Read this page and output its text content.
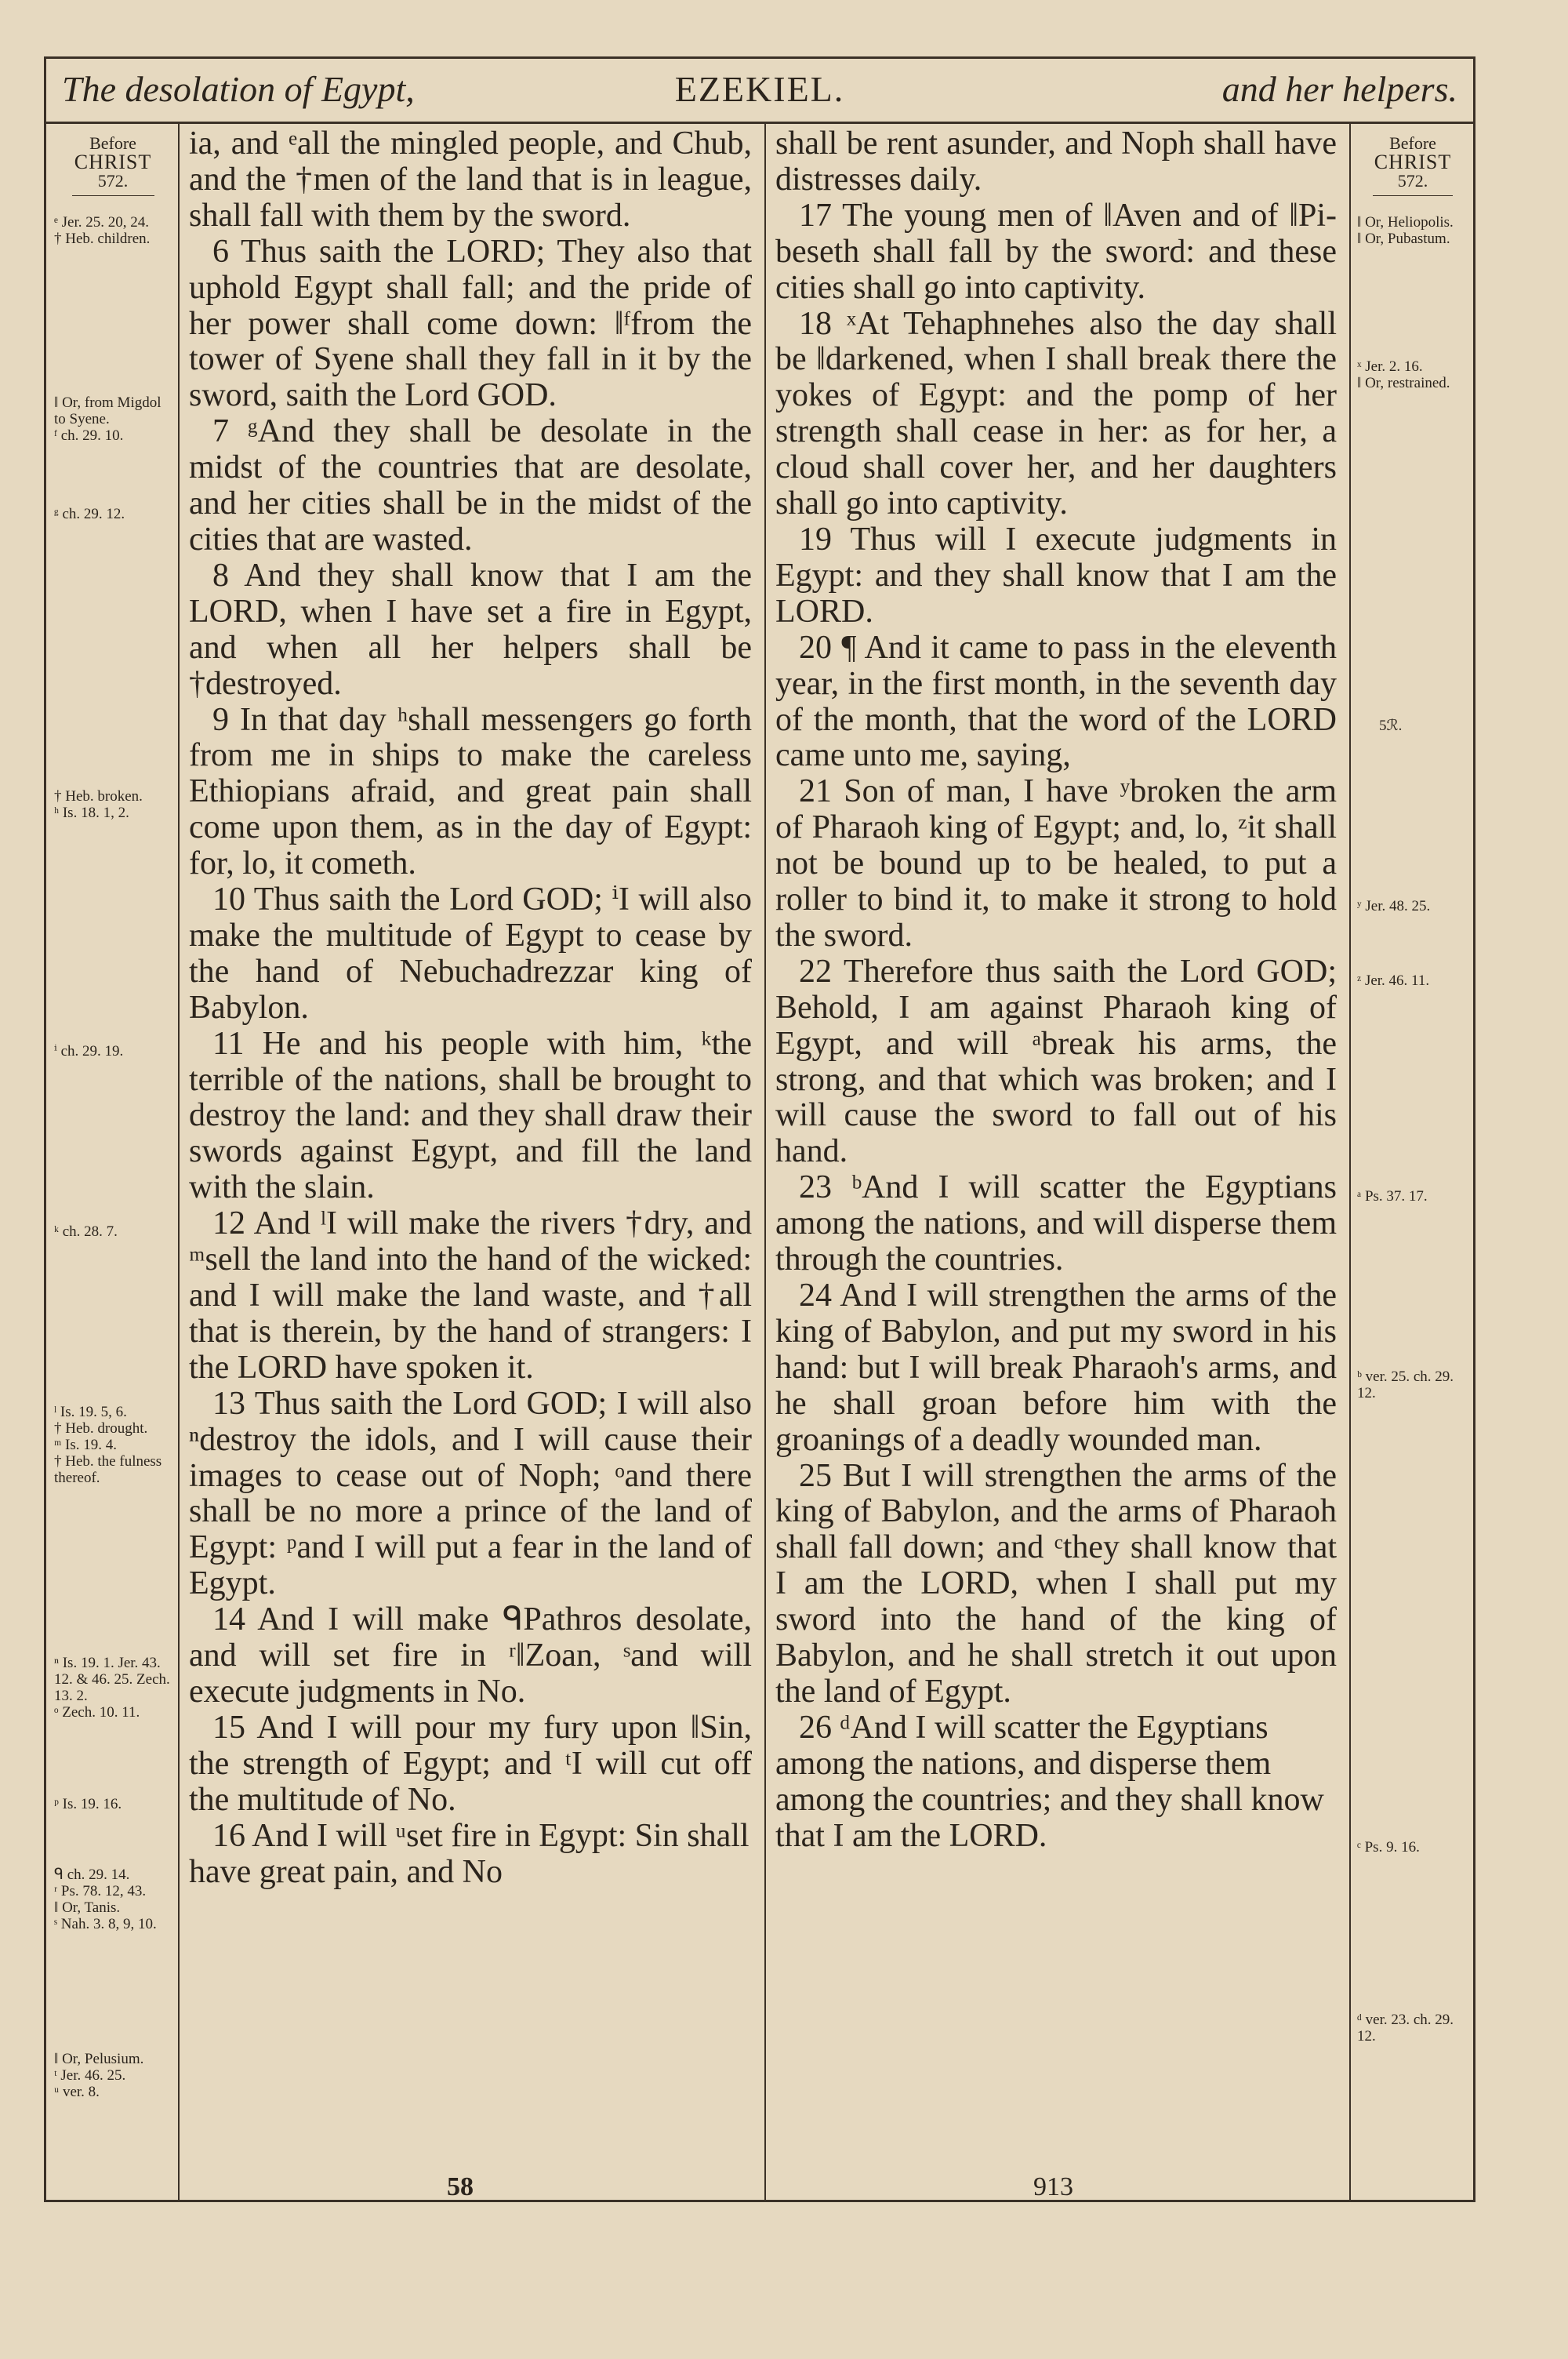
The desolation of Egypt,	EZEKIEL.	and her helpers.
Before
CHRIST
572.
ᵉ Jer. 25. 20, 24.
† Heb. children.
‖ Or, from Migdol to Syene.
ᶠ ch. 29. 10.
ᵍ ch. 29. 12.
† Heb. broken.
ʰ Is. 18. 1, 2.
ⁱ ch. 29. 19.
ᵏ ch. 28. 7.
ˡ Is. 19. 5, 6.
† Heb. drought.
ᵐ Is. 19. 4.
† Heb. the fulness thereof.
ⁿ Is. 19. 1. Jer. 43. 12. & 46. 25. Zech. 13. 2.
ᵒ Zech. 10. 11.
ᵖ Is. 19. 16.
ᑫ ch. 29. 14.
ʳ Ps. 78. 12, 43.
‖ Or, Tanis.
ˢ Nah. 3. 8, 9, 10.
‖ Or, Pelusium.
ᵗ Jer. 46. 25.
ᵘ ver. 8.

ia, and ᵉall the mingled people, and Chub, and the †men of the land that is in league, shall fall with them by the sword.

6 Thus saith the LORD; They also that uphold Egypt shall fall; and the pride of her power shall come down: ‖ᶠfrom the tower of Syene shall they fall in it by the sword, saith the Lord GOD.

7 ᵍAnd they shall be desolate in the midst of the countries that are desolate, and her cities shall be in the midst of the cities that are wasted.

8 And they shall know that I am the LORD, when I have set a fire in Egypt, and when all her helpers shall be †destroyed.

9 In that day ʰshall messengers go forth from me in ships to make the careless Ethiopians afraid, and great pain shall come upon them, as in the day of Egypt: for, lo, it cometh.

10 Thus saith the Lord GOD; ⁱI will also make the multitude of Egypt to cease by the hand of Nebuchadrezzar king of Babylon.

11 He and his people with him, ᵏthe terrible of the nations, shall be brought to destroy the land: and they shall draw their swords against Egypt, and fill the land with the slain.

12 And ˡI will make the rivers †dry, and ᵐsell the land into the hand of the wicked: and I will make the land waste, and †all that is therein, by the hand of strangers: I the LORD have spoken it.

13 Thus saith the Lord GOD; I will also ⁿdestroy the idols, and I will cause their images to cease out of Noph; ᵒand there shall be no more a prince of the land of Egypt: ᵖand I will put a fear in the land of Egypt.

14 And I will make ᑫPathros desolate, and will set fire in ʳ‖Zoan, ˢand will execute judgments in No.

15 And I will pour my fury upon ‖Sin, the strength of Egypt; and ᵗI will cut off the multitude of No.

16 And I will ᵘset fire in Egypt: Sin shall have great pain, and No

shall be rent asunder, and Noph shall have distresses daily.

17 The young men of ‖Aven and of ‖Pi-beseth shall fall by the sword: and these cities shall go into captivity.

18 ˣAt Tehaphnehes also the day shall be ‖darkened, when I shall break there the yokes of Egypt: and the pomp of her strength shall cease in her: as for her, a cloud shall cover her, and her daughters shall go into captivity.

19 Thus will I execute judgments in Egypt: and they shall know that I am the LORD.

20 ¶ And it came to pass in the eleventh year, in the first month, in the seventh day of the month, that the word of the LORD came unto me, saying,

21 Son of man, I have ʸbroken the arm of Pharaoh king of Egypt; and, lo, ᶻit shall not be bound up to be healed, to put a roller to bind it, to make it strong to hold the sword.

22 Therefore thus saith the Lord GOD; Behold, I am against Pharaoh king of Egypt, and will ᵃbreak his arms, the strong, and that which was broken; and I will cause the sword to fall out of his hand.

23 ᵇAnd I will scatter the Egyptians among the nations, and will disperse them through the countries.

24 And I will strengthen the arms of the king of Babylon, and put my sword in his hand: but I will break Pharaoh's arms, and he shall groan before him with the groanings of a deadly wounded man.

25 But I will strengthen the arms of the king of Babylon, and the arms of Pharaoh shall fall down; and ᶜthey shall know that I am the LORD, when I shall put my sword into the hand of the king of Babylon, and he shall stretch it out upon the land of Egypt.

26 ᵈAnd I will scatter the Egyptians among the nations, and disperse them among the countries; and they shall know that I am the LORD.

Before
CHRIST
572.
‖ Or, Heliopolis.
‖ Or, Pubastum.
ˣ Jer. 2. 16.
‖ Or, restrained.
5ℛ.
ʸ Jer. 48. 25.
ᶻ Jer. 46. 11.
ᵃ Ps. 37. 17.
ᵇ ver. 25. ch. 29. 12.
ᶜ Ps. 9. 16.
ᵈ ver. 23. ch. 29. 12.
58	913
